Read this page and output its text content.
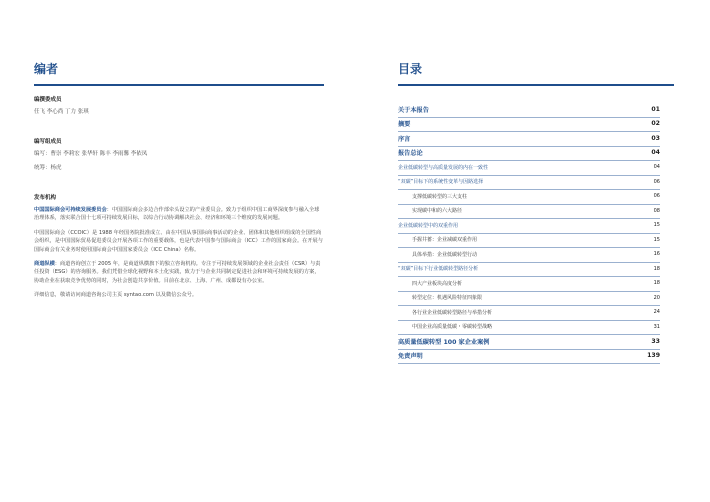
编者
编撰委成员
任飞 李心尚 丁力 张琪
编写组成员
编写：曹崇 李莉宏 张华轩 陈丰 李雨馨 李依凤
统筹：杨虎
发布机构

中国国际商会可持续发展委员会：中国国际商会多边合作部牵头设立的产业委员会。致力于组织中国工商界深度参与融入全球治理体系，落实联合国十七项可持续发展目标，以综合行动协调解决社会、经济和环境三个维度的发展问题。

中国国际商会（CCOIC）是 1988 年经国务院批准成立、由在中国从事国际商事活动的企业、团体和其他组织组成的全国性商会组织，是中国国际贸易促进委员会开展各项工作的重要载体，也是代表中国参与国际商会（ICC）工作的国家商会。在开展与国际商会有关业务时使用国际商会中国国家委员会（ICC China）名称。

商道纵横：商道咨询创立于 2005 年，是商道纵横旗下的独立咨询机构。专注于可持续发展领域的企业社会责任（CSR）与责任投资（ESG）的咨询服务。我们凭借全球化视野和本土化实践，致力于与企业共同制定促进社会和环境可持续发展的方案，协助企业在获取竞争优势的同时，为社会创造共享价值。目前在北京、上海、广州、成都设有办公室。

详细信息，敬请访问商道咨询公司主页 syntao.com 以及微信公众号。

目录
关于本报告	01
摘要	02
序言	03
报告总论	04
企业低碳转型与高质量发展的内在一致性	04
“双碳”目标下的系统性变革与因路选择	06
支撑低碳转型的三大支柱	06
实现碳中和的六大路径	08
企业低碳转型中的双重作用	15
手握井蓄：企业减碳双重作用	15
具体举措：企业低碳转型行动	16
“双碳”目标下行业低碳转型路径分析	18
四大产业板块高度分析	18
转型定位：机遇风险特征四象限	20
各行业企业低碳转型路径与举措分析	24
中国企业高质量低碳・零碳转型战略	31
高质量低碳转型 100 家企业案例	33
免责声明	139
